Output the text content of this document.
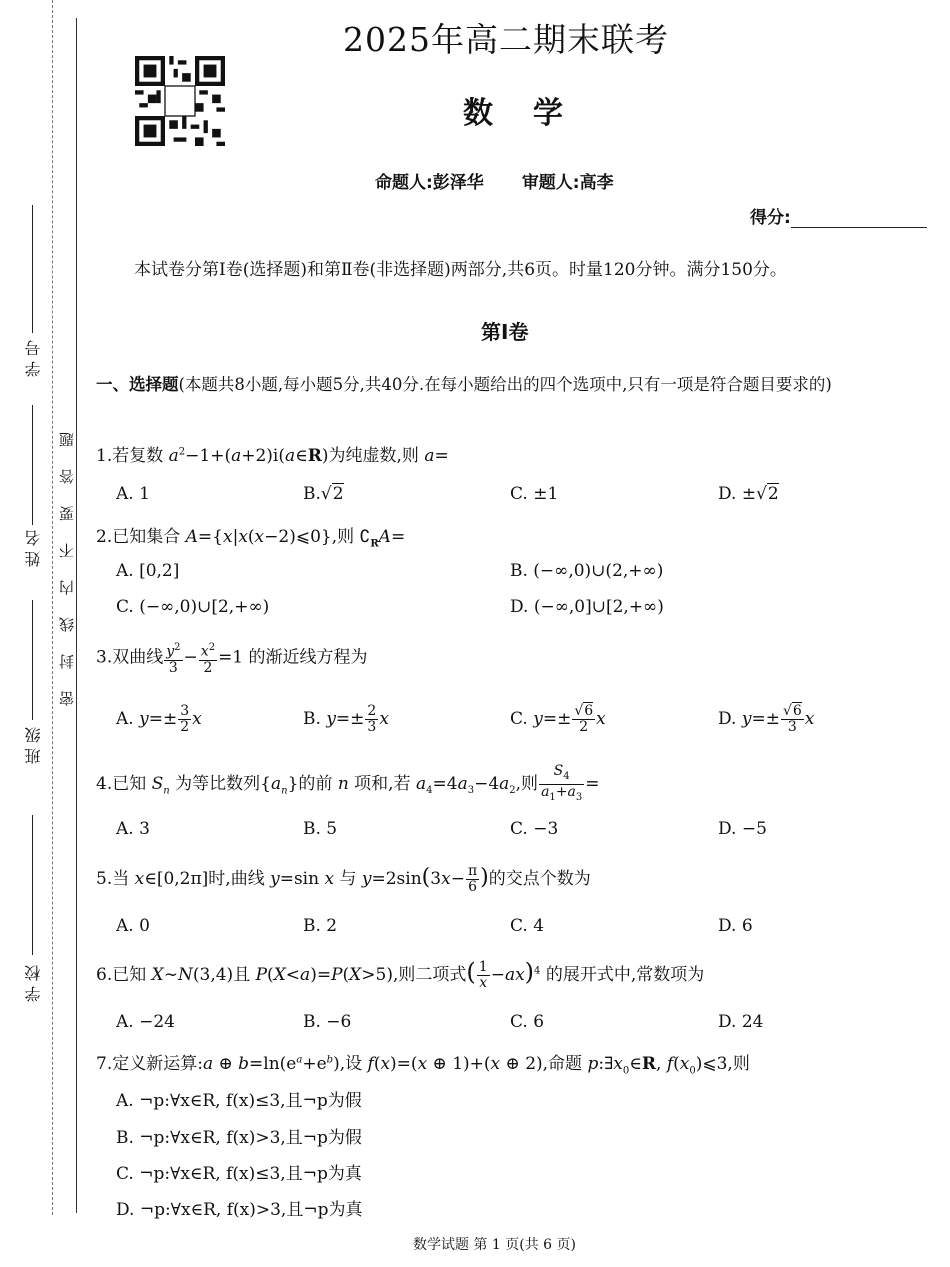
学 号
姓 名
班 级
学 校
密封线内不要答题
2025年高二期末联考
数学
命题人:彭泽华 审题人:高李
得分:
本试卷分第Ⅰ卷(选择题)和第Ⅱ卷(非选择题)两部分,共6页。时量120分钟。满分150分。
第Ⅰ卷
一、选择题(本题共8小题,每小题5分,共40分.在每小题给出的四个选项中,只有一项是符合题目要求的)
1.若复数 $a^2-1+(a+2)i(a\in R)$为纯虚数,则 a=
A. 1	B.√2	C. ±1	D. ±√2
2.已知集合 A={x|x(x−2)⩽0},则 $∁_RA=$
A. [0,2]	B. (−∞,0)∪(2,+∞)
C. (−∞,0)∪[2,+∞)	D. (−∞,0]∪[2,+∞)
3.双曲线 $\frac{y^2}{3} - \frac{x^2}{2} =1$ 的渐近线方程为
A. $y=\pm \frac{3}{2}$ x	B. $y=\pm \frac{2}{3}$ x	C. $y=\pm \frac{√6}{2}$ x	D. $y=\pm \frac{√6}{3}$ x
4.已知 $S_n$ 为等比数列$\{a_n\}$的前 n 项和,若 $a_4=4a_3-4a_2$,则 $\frac{S_4}{a_1+a_3}$ =
A. 3	B. 5	C. −3	D. −5
5.当 x∈[0,2π]时,曲线 y=sin x 与 $y=2\sin(3x- \frac{\pi}{6}$ )的交点个数为
A. 0	B. 2	C. 4	D. 6
6.已知 X∼N(3,4)且 P(X<a)=P(X>5),则二项式( $\frac{1}{x} -ax)^4$ 的展开式中,常数项为
A. −24	B. −6	C. 6	D. 24
7.定义新运算:a ⊕ $b=\ln(e^a+e^b)$,设 f(x)=(x ⊕ 1)+(x ⊕ 2),命题 $p:\exists x_0\in R$, $f(x_0)⩽3$,则
A. ¬p:∀x∈R, f(x)≤3,且¬p为假
B. ¬p:∀x∈R, f(x)>3,且¬p为假
C. ¬p:∀x∈R, f(x)≤3,且¬p为真
D. ¬p:∀x∈R, f(x)>3,且¬p为真
数学试题 第 1 页(共 6 页)
